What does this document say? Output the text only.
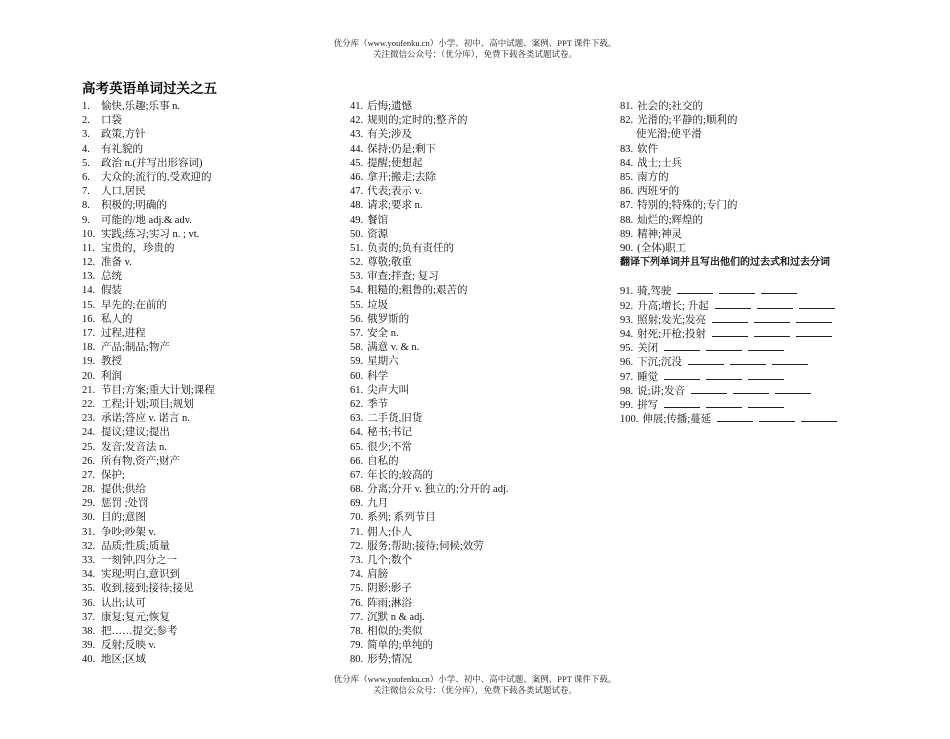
优分库（www.youfenku.cn）小学、初中、高中试题、案例、PPT 课件下载。
关注微信公众号：（优分库），免费下载各类试题试卷。
高考英语单词过关之五
1. 愉快,乐趣;乐事 n.
2. 口袋
3. 政策,方针
4. 有礼貌的
5. 政治 n.(并写出形容词)
6. 大众的;流行的,受欢迎的
7. 人口,居民
8. 积极的;明确的
9. 可能的/地 adj.& adv.
10. 实践;练习;实习 n. ; vt.
11. 宝贵的，珍贵的
12. 准备 v.
13. 总统
14. 假装
15. 早先的;在前的
16. 私人的
17. 过程,进程
18. 产品;制品;物产
19. 教授
20. 利润
21. 节目;方案;重大计划;课程
22. 工程;计划;项目;规划
23. 承诺;答应 v. 诺言 n.
24. 提议;建议;提出
25. 发音;发音法 n.
26. 所有物,资产;财产
27. 保护;
28. 提供;供给
29. 惩罚 ;处罚
30. 目的;意图
31. 争吵;吵架 v.
32. 品质;性质;质量
33. 一刻钟,四分之一
34. 实现;明白,意识到
35. 收到,接到;接待;接见
36. 认出;认可
37. 康复;复元;恢复
38. 把……提交;参考
39. 反射;反映 v.
40. 地区;区域
41. 后悔;遗憾
42. 规则的;定时的;整齐的
43. 有关;涉及
44. 保持;仍是;剩下
45. 提醒;使想起
46. 拿开;搬走;去除
47. 代表;表示 v.
48. 请求;要求 n.
49. 餐馆
50. 资源
51. 负责的;负有责任的
52. 尊敬;敬重
53. 审查;拌查; 复习
54. 粗糙的;粗鲁的;艰苦的
55. 垃圾
56. 俄罗斯的
57. 安全 n.
58. 满意 v. & n.
59. 星期六
60. 科学
61. 尖声大叫
62. 季节
63. 二手货,旧货
64. 秘书;书记
65. 很少;不常
66. 自私的
67. 年长的;较高的
68. 分离;分开 v. 独立的;分开的 adj.
69. 九月
70. 系列; 系列节目
71. 佣人;仆人
72. 服务;帮助;接待;伺候;效劳
73. 几个;数个
74. 肩膀
75. 阴影;影子
76. 阵雨;淋浴
77. 沉默 n & adj.
78. 相似的;类似
79. 简单的;单纯的
80. 形势;情况
81. 社会的;社交的
82. 光滑的;平静的;顺利的
使光滑;使平滑
83. 软件
84. 战士;士兵
85. 南方的
86. 西班牙的
87. 特别的;特殊的;专门的
88. 灿烂的;辉煌的
89. 精神;神灵
90. (全体)职工
翻译下列单词并且写出他们的过去式和过去分词
91. 骑,驾驶
92. 升高;增长; 升起
93. 照射;发光;发亮
94. 射死;开枪;投射
95. 关闭
96. 下沉;沉没
97. 睡觉
98. 说;讲;发音
99. 拼写
100. 伸展;传播;蔓延
优分库（www.youfenku.cn）小学、初中、高中试题、案例、PPT 课件下载。
关注微信公众号：（优分库），免费下载各类试题试卷。
